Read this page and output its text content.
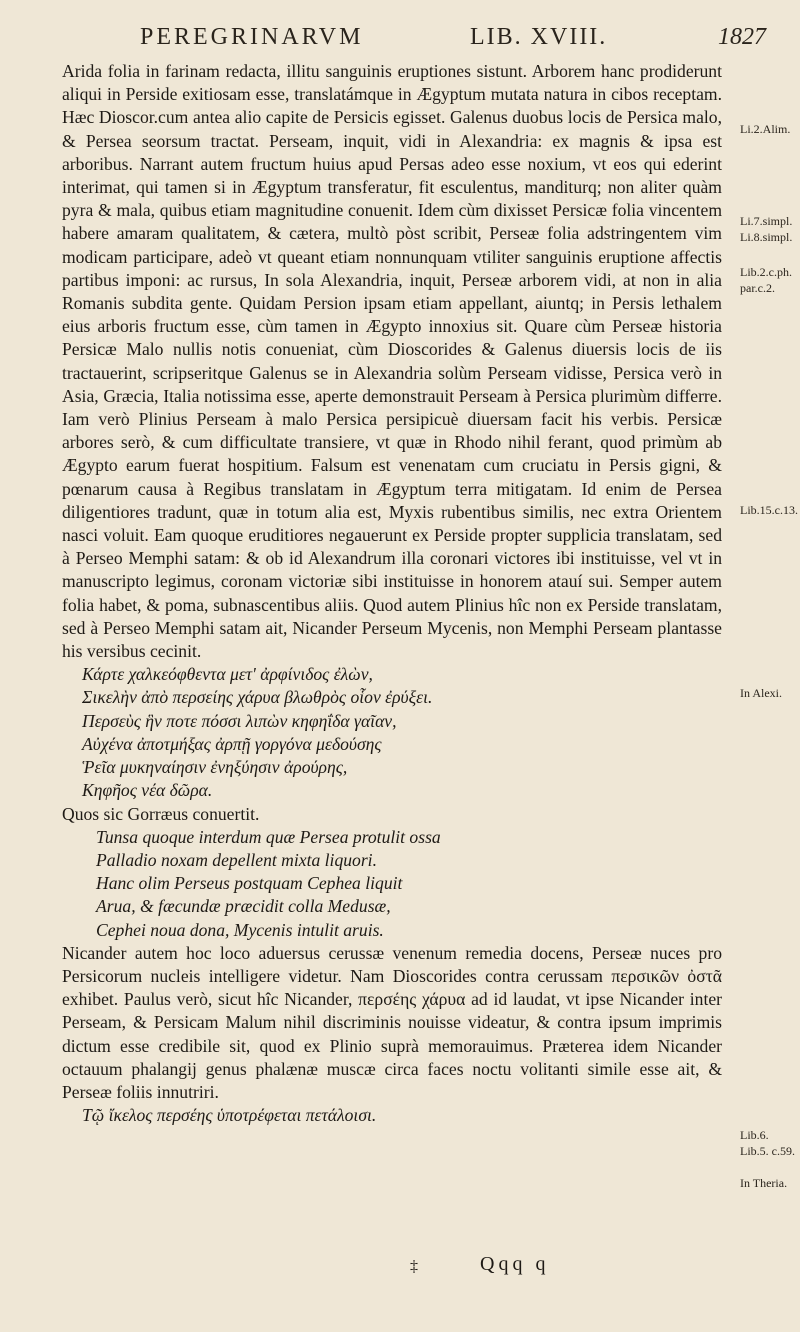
PEREGRINARVM	LIB. XVIII.	1827

Arida folia in farinam redacta, illitu sanguinis eruptiones sistunt. Arborem hanc prodiderunt aliqui in Perside exitiosam esse, translatámque in Ægyptum mutata natura in cibos receptam. Hæc Dioscor.cum antea alio capite de Persicis egisset. Galenus duobus locis de Persica malo, & Persea seorsum tractat. Perseam, inquit, vidi in Alexandria: ex magnis & ipsa est arboribus. Narrant autem fructum huius apud Persas adeo esse noxium, vt eos qui ederint interimat, qui tamen si in Ægyptum transferatur, fit esculentus, manditurq; non aliter quàm pyra & mala, quibus etiam magnitudine conuenit. Idem cùm dixisset Persicæ folia vincentem habere amaram qualitatem, & cætera, multò pòst scribit, Perseæ folia adstringentem vim modicam participare, adeò vt queant etiam nonnunquam vtiliter sanguinis eruptione affectis partibus imponi: ac rursus, In sola Alexandria, inquit, Perseæ arborem vidi, at non in alia Romanis subdita gente. Quidam Persion ipsam etiam appellant, aiuntq; in Persis lethalem eius arboris fructum esse, cùm tamen in Ægypto innoxius sit. Quare cùm Perseæ historia Persicæ Malo nullis notis conueniat, cùm Dioscorides & Galenus diuersis locis de iis tractauerint, scripseritque Galenus se in Alexandria solùm Perseam vidisse, Persica verò in Asia, Græcia, Italia notissima esse, aperte demonstrauit Perseam à Persica plurimùm differre. Iam verò Plinius Perseam à malo Persica persipicuè diuersam facit his verbis. Persicæ arbores serò, & cum difficultate transiere, vt quæ in Rhodo nihil ferant, quod primùm ab Ægypto earum fuerat hospitium. Falsum est venenatam cum cruciatu in Persis gigni, & pœnarum causa à Regibus translatam in Ægyptum terra mitigatam. Id enim de Persea diligentiores tradunt, quæ in totum alia est, Myxis rubentibus similis, nec extra Orientem nasci voluit. Eam quoque eruditiores negauerunt ex Perside propter supplicia translatam, sed à Perseo Memphi satam: & ob id Alexandrum illa coronari victores ibi instituisse, vel vt in manuscripto legimus, coronam victoriæ sibi instituisse in honorem atauí sui. Semper autem folia habet, & poma, subnascentibus aliis. Quod autem Plinius hîc non ex Perside translatam, sed à Perseo Memphi satam ait, Nicander Perseum Mycenis, non Memphi Perseam plantasse his versibus cecinit.

Κάρτε χαλκεόφθεντα μετ' ἀρφίνιδος ἐλὼν,
Σικελὴν ἀπὸ περσείης χάρυα βλωθρὸς οἷον ἐρύξει.
Περσεὺς ἣν ποτε πόσσι λιπὼν κηφηΐδα γαῖαν,
Αὐχένα ἀποτμήξας ἀρπῇ γοργόνα μεδούσης
Ῥεῖα μυκηναίησιν ἐνηξύησιν ἀρούρης,
Κηφῆος νέα δῶρα.

Quos sic Gorræus conuertit.

Tunsa quoque interdum quæ Persea protulit ossa
Palladio noxam depellent mixta liquori.
Hanc olim Perseus postquam Cephea liquit
Arua, & fæcundæ præcidit colla Medusæ,
Cephei noua dona, Mycenis intulit aruis.

Nicander autem hoc loco aduersus cerussæ venenum remedia docens, Perseæ nuces pro Persicorum nucleis intelligere videtur. Nam Dioscorides contra cerussam περσικῶν ὀστᾶ exhibet. Paulus verò, sicut hîc Nicander, περσέης χάρυα ad id laudat, vt ipse Nicander inter Perseam, & Persicam Malum nihil discriminis nouisse videatur, & contra ipsum imprimis dictum esse credibile sit, quod ex Plinio suprà memorauimus. Præterea idem Nicander octauum phalangij genus phalænæ muscæ circa faces noctu volitanti simile esse ait, & Perseæ foliis innutriri.

Τῷ ἴκελος περσέης ὑποτρέφεται πετάλοισι.
Li.2.Alim.
Li.7.simpl.
Li.8.simpl.
Lib.2.c.ph.
par.c.2.
Lib.15.c.13.
In Alexi.
Lib.6.
Lib.5. c.59.
In Theria.
‡	Qqq q
